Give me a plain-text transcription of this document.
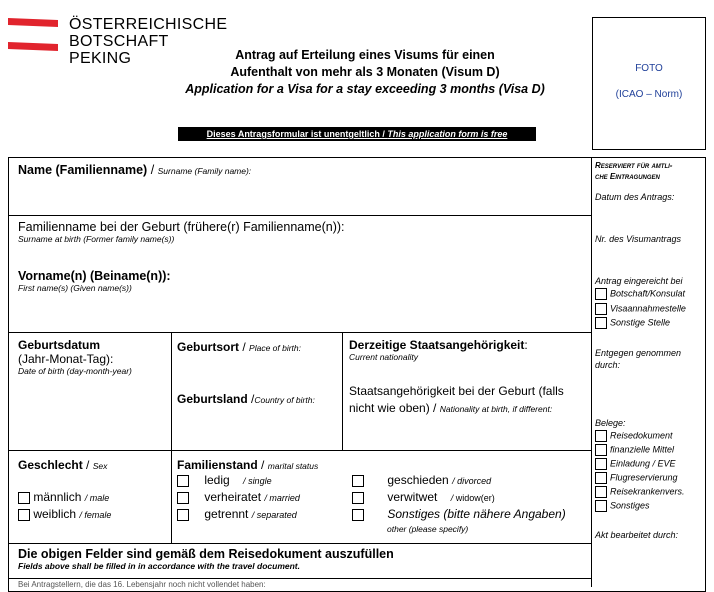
ÖSTERREICHISCHE
BOTSCHAFT
PEKING	Antrag auf Erteilung eines Visums für einen
Aufenthalt von mehr als 3 Monaten (Visum D)
Application for a Visa for a stay exceeding 3 months (Visa D)
Dieses Antragsformular ist unentgeltlich / This application form is free
FOTO
(ICAO – Norm)
Name (Familienname) / Surname (Family name):
Familienname bei der Geburt (frühere(r) Familienname(n)):
Surname at birth (Former family name(s))
Vorname(n) (Beiname(n)):
First name(s) (Given name(s))
Geburtsdatum
(Jahr-Monat-Tag):
Date of birth (day-month-year)
Geburtsort / Place of birth:
Geburtsland /Country of birth:
Derzeitige Staatsangehörigkeit:
Current nationality
Staatsangehörigkeit bei der Geburt (falls nicht wie oben) / Nationality at birth, if different:
Geschlecht / Sex
männlich / male
weiblich / female
Familienstand / marital status
ledig / single
verheiratet / married
getrennt / separated
geschieden / divorced
verwitwet / widow(er)
Sonstiges (bitte nähere Angaben)
other (please specify)
Die obigen Felder sind gemäß dem Reisedokument auszufüllen
Fields above shall be filled in in accordance with the travel document.
Bei Antragstellern, die das 16. Lebensjahr noch nicht vollendet haben:
Reserviert für amtli-
che Eintragungen
Datum des Antrags:
Nr. des Visumantrags
Antrag eingereicht bei
Botschaft/Konsulat
Visaannahmestelle
Sonstige Stelle
Entgegen genommen durch:
Belege:
Reisedokument
finanzielle Mittel
Einladung / EVE
Flugreservierung
Reisekrankenvers.
Sonstiges
Akt bearbeitet durch:
